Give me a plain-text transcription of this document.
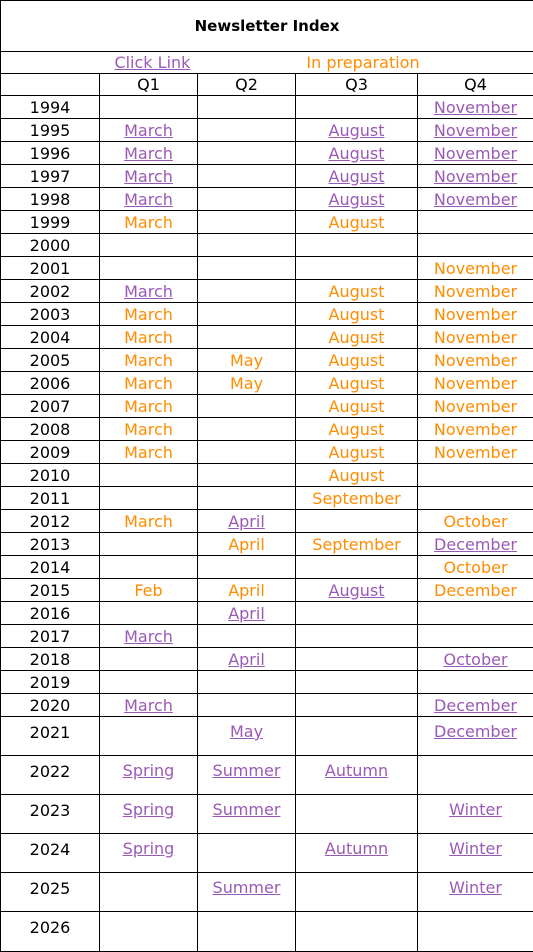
Newsletter Index				
Click Link In preparation				
	Q1	Q2	Q3	Q4
1994				November
1995	March		August	November
1996	March		August	November
1997	March		August	November
1998	March		August	November
1999	March		August	
2000				
2001				November
2002	March		August	November
2003	March		August	November
2004	March		August	November
2005	March	May	August	November
2006	March	May	August	November
2007	March		August	November
2008	March		August	November
2009	March		August	November
2010			August	
2011			September	
2012	March	April		October
2013		April	September	December
2014				October
2015	Feb	April	August	December
2016		April		
2017	March			
2018		April		October
2019				
2020	March			December
2021		May		December
2022	Spring	Summer	Autumn	
2023	Spring	Summer		Winter
2024	Spring		Autumn	Winter
2025		Summer		Winter
2026				
